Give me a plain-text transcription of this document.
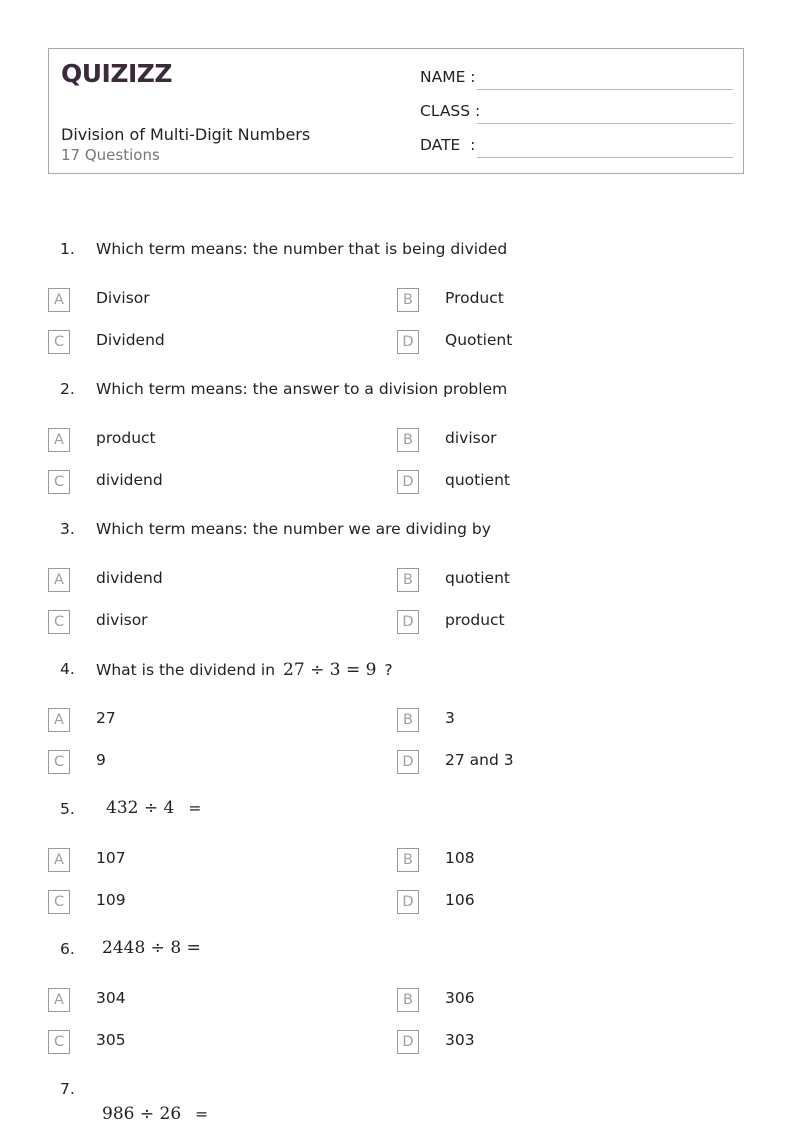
QUIZIZZ
Division of Multi-Digit Numbers
17 Questions
NAME :
CLASS :
DATE  :
1. Which term means: the number that is being divided
A	Divisor	B	Product
C	Dividend	D	Quotient
2. Which term means: the answer to a division problem
A	product	B	divisor
C	dividend	D	quotient
3. Which term means: the number we are dividing by
A	dividend	B	quotient
C	divisor	D	product
4. What is the dividend in 27 ÷ 3 = 9 ?
A	27	B	3
C	9	D	27 and 3
5. 432 ÷ 4 =
A	107	B	108
C	109	D	106
6. 2448 ÷ 8 =
A	304	B	306
C	305	D	303
7.
986 ÷ 26 =
